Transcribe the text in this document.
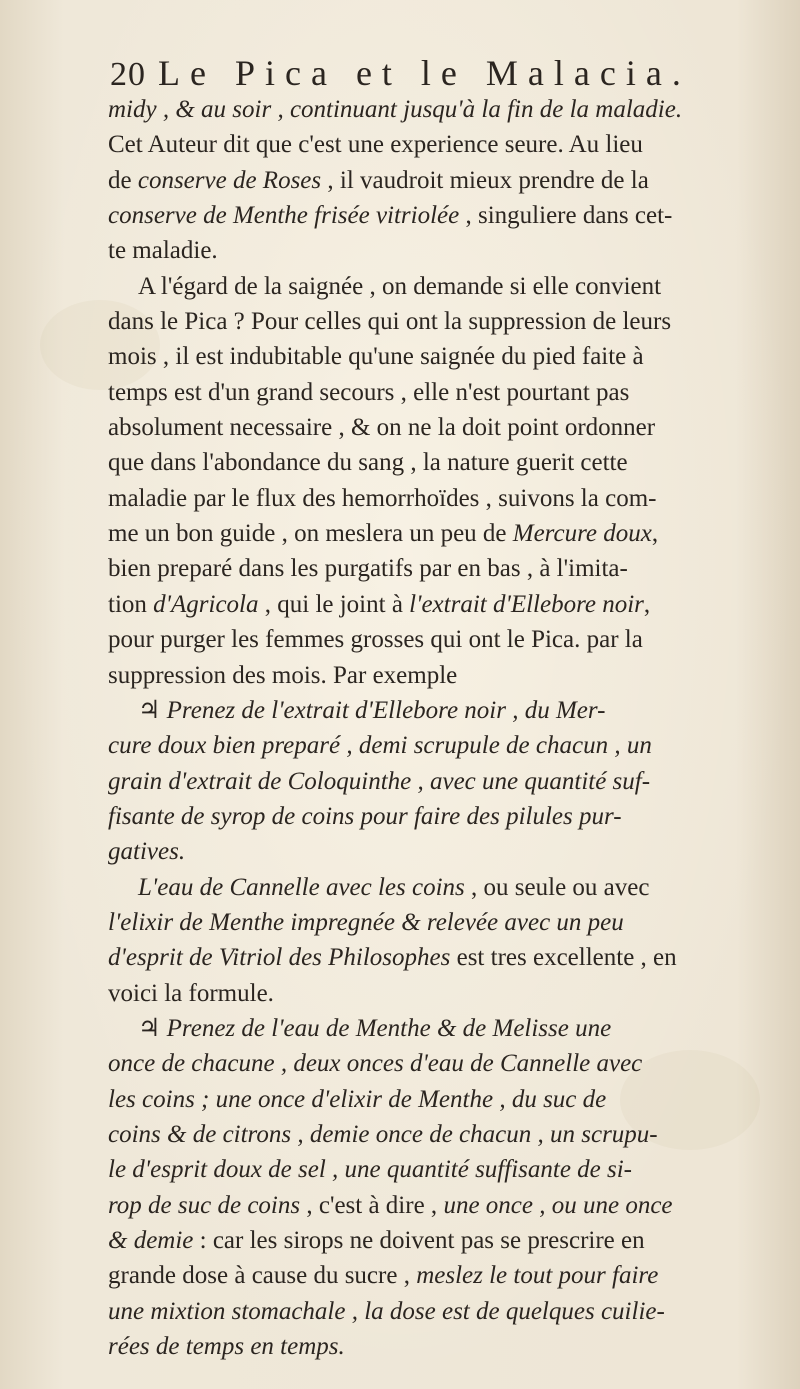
20 Le Pica et le Malacia.
midy , & au soir , continuant jusqu'à la fin de la maladie.
Cet Auteur dit que c'est une experience seure. Au lieu
de conserve de Roses , il vaudroit mieux prendre de la
conserve de Menthe frisée vitriolée , singuliere dans cet-
te maladie.
A l'égard de la saignée , on demande si elle convient
dans le Pica ? Pour celles qui ont la suppression de leurs
mois , il est indubitable qu'une saignée du pied faite à
temps est d'un grand secours , elle n'est pourtant pas
absolument necessaire , & on ne la doit point ordonner
que dans l'abondance du sang , la nature guerit cette
maladie par le flux des hemorrhoïdes , suivons la com-
me un bon guide , on meslera un peu de Mercure doux,
bien preparé dans les purgatifs par en bas , à l'imita-
tion d'Agricola , qui le joint à l'extrait d'Ellebore noir,
pour purger les femmes grosses qui ont le Pica. par la
suppression des mois. Par exemple
♃ Prenez de l'extrait d'Ellebore noir , du Mer-
cure doux bien preparé , demi scrupule de chacun , un
grain d'extrait de Coloquinthe , avec une quantité suf-
fisante de syrop de coins pour faire des pilules pur-
gatives.
L'eau de Cannelle avec les coins , ou seule ou avec
l'elixir de Menthe impregnée & relevée avec un peu
d'esprit de Vitriol des Philosophes est tres excellente , en
voici la formule.
♃ Prenez de l'eau de Menthe & de Melisse une
once de chacune , deux onces d'eau de Cannelle avec
les coins ; une once d'elixir de Menthe , du suc de
coins & de citrons , demie once de chacun , un scrupu-
le d'esprit doux de sel , une quantité suffisante de si-
rop de suc de coins , c'est à dire , une once , ou une once
& demie : car les sirops ne doivent pas se prescrire en
grande dose à cause du sucre , meslez le tout pour faire
une mixtion stomachale , la dose est de quelques cuilie-
rées de temps en temps.
